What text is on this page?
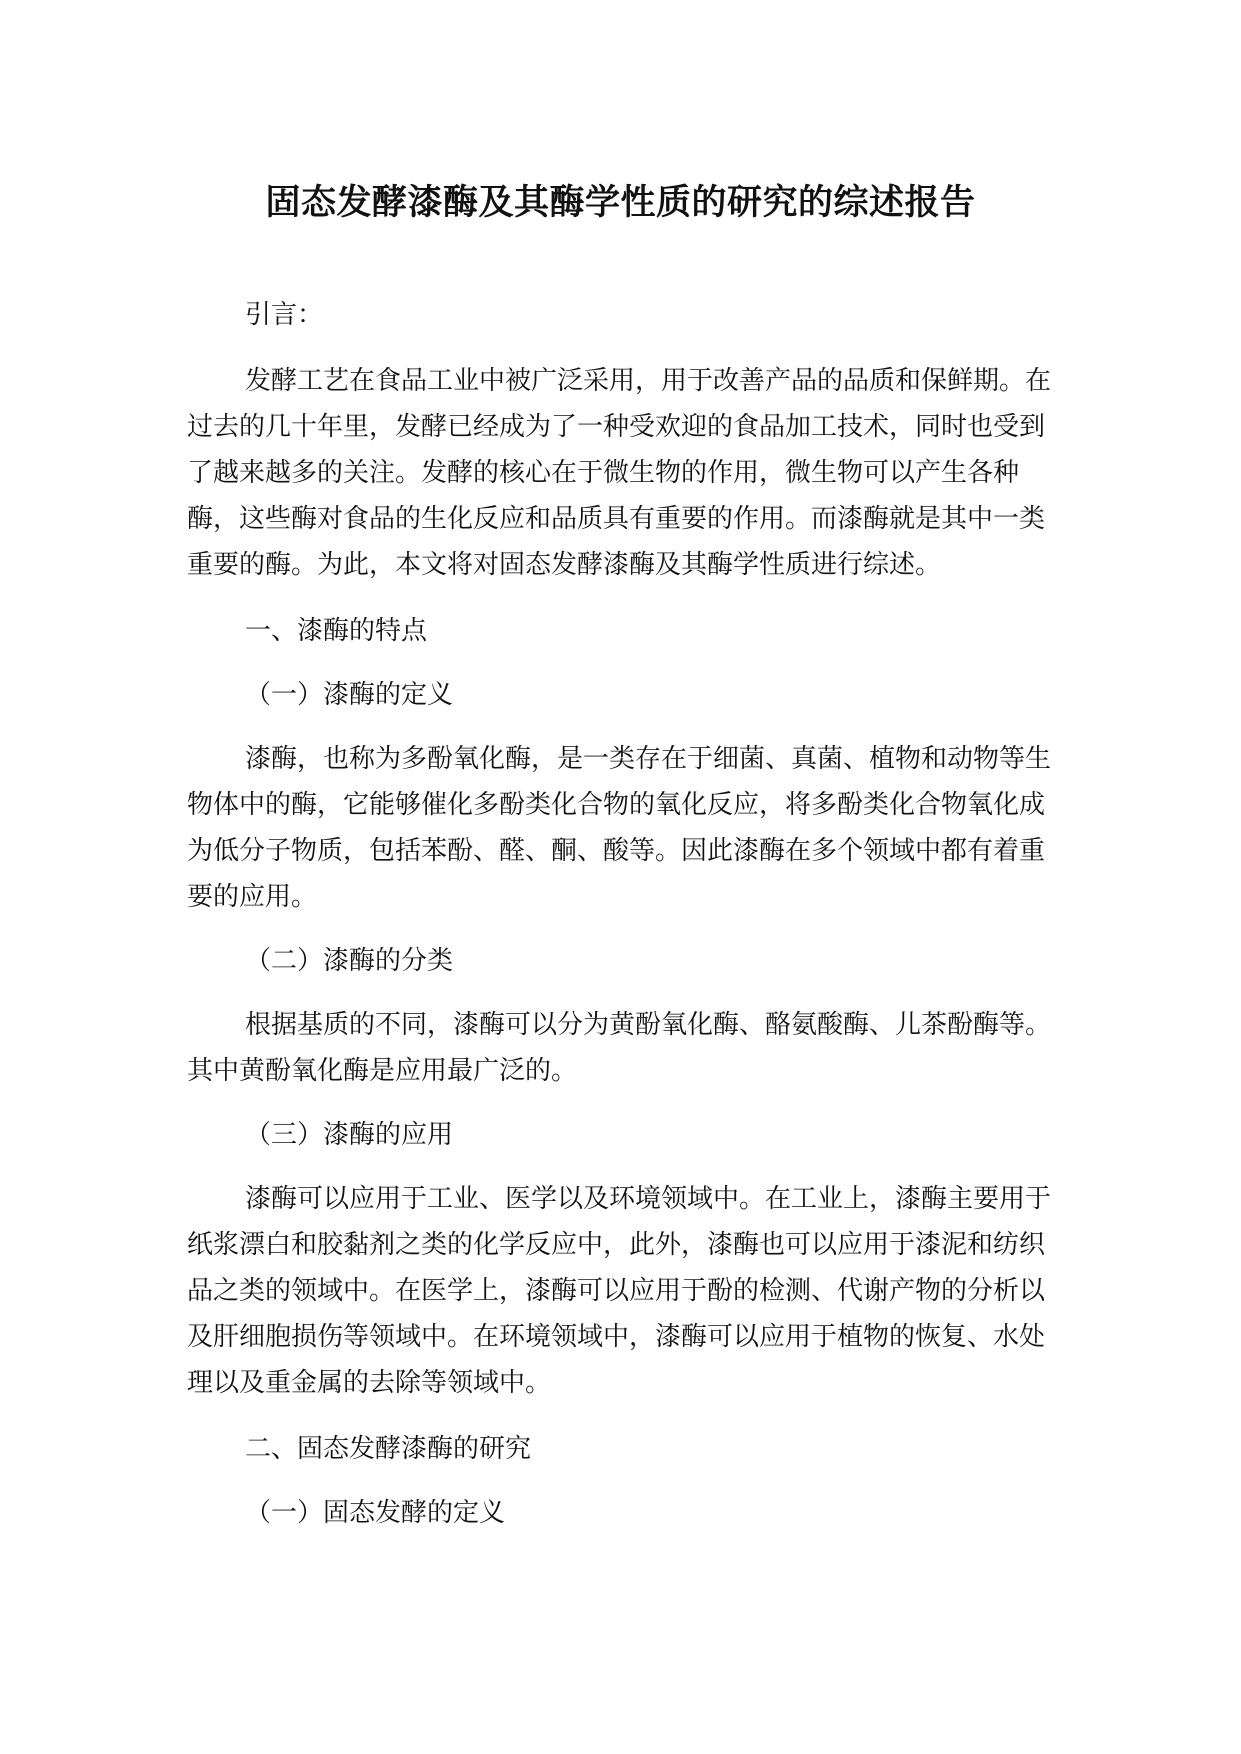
固态发酵漆酶及其酶学性质的研究的综述报告

引言：

发酵工艺在食品工业中被广泛采用，用于改善产品的品质和保鲜期。在过去的几十年里，发酵已经成为了一种受欢迎的食品加工技术，同时也受到了越来越多的关注。发酵的核心在于微生物的作用，微生物可以产生各种酶，这些酶对食品的生化反应和品质具有重要的作用。而漆酶就是其中一类重要的酶。为此，本文将对固态发酵漆酶及其酶学性质进行综述。

一、漆酶的特点

（一）漆酶的定义

漆酶，也称为多酚氧化酶，是一类存在于细菌、真菌、植物和动物等生物体中的酶，它能够催化多酚类化合物的氧化反应，将多酚类化合物氧化成为低分子物质，包括苯酚、醛、酮、酸等。因此漆酶在多个领域中都有着重要的应用。

（二）漆酶的分类

根据基质的不同，漆酶可以分为黄酚氧化酶、酪氨酸酶、儿茶酚酶等。其中黄酚氧化酶是应用最广泛的。

（三）漆酶的应用

漆酶可以应用于工业、医学以及环境领域中。在工业上，漆酶主要用于纸浆漂白和胶黏剂之类的化学反应中，此外，漆酶也可以应用于漆泥和纺织品之类的领域中。在医学上，漆酶可以应用于酚的检测、代谢产物的分析以及肝细胞损伤等领域中。在环境领域中，漆酶可以应用于植物的恢复、水处理以及重金属的去除等领域中。

二、固态发酵漆酶的研究

（一）固态发酵的定义
